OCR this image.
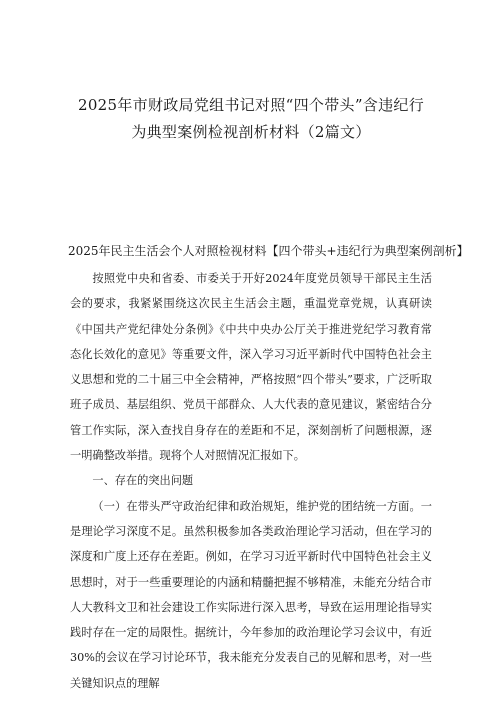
2025年市财政局党组书记对照“四个带头”含违纪行
为典型案例检视剖析材料（2篇文）
2025年民主生活会个人对照检视材料【四个带头+违纪行为典型案例剖析】

按照党中央和省委、市委关于开好2024年度党员领导干部民主生活会的要求，我紧紧围绕这次民主生活会主题，重温党章党规，认真研读《中国共产党纪律处分条例》《中共中央办公厅关于推进党纪学习教育常态化长效化的意见》等重要文件，深入学习习近平新时代中国特色社会主义思想和党的二十届三中全会精神，严格按照“四个带头”要求，广泛听取班子成员、基层组织、党员干部群众、人大代表的意见建议，紧密结合分管工作实际，深入查找自身存在的差距和不足，深刻剖析了问题根源，逐一明确整改举措。现将个人对照情况汇报如下。

一、存在的突出问题

（一）在带头严守政治纪律和政治规矩，维护党的团结统一方面。一是理论学习深度不足。虽然积极参加各类政治理论学习活动，但在学习的深度和广度上还存在差距。例如，在学习习近平新时代中国特色社会主义思想时，对于一些重要理论的内涵和精髓把握不够精准，未能充分结合市人大教科文卫和社会建设工作实际进行深入思考，导致在运用理论指导实践时存在一定的局限性。据统计，今年参加的政治理论学习会议中，有近30%的会议在学习讨论环节，我未能充分发表自己的见解和思考，对一些关键知识点的理解
